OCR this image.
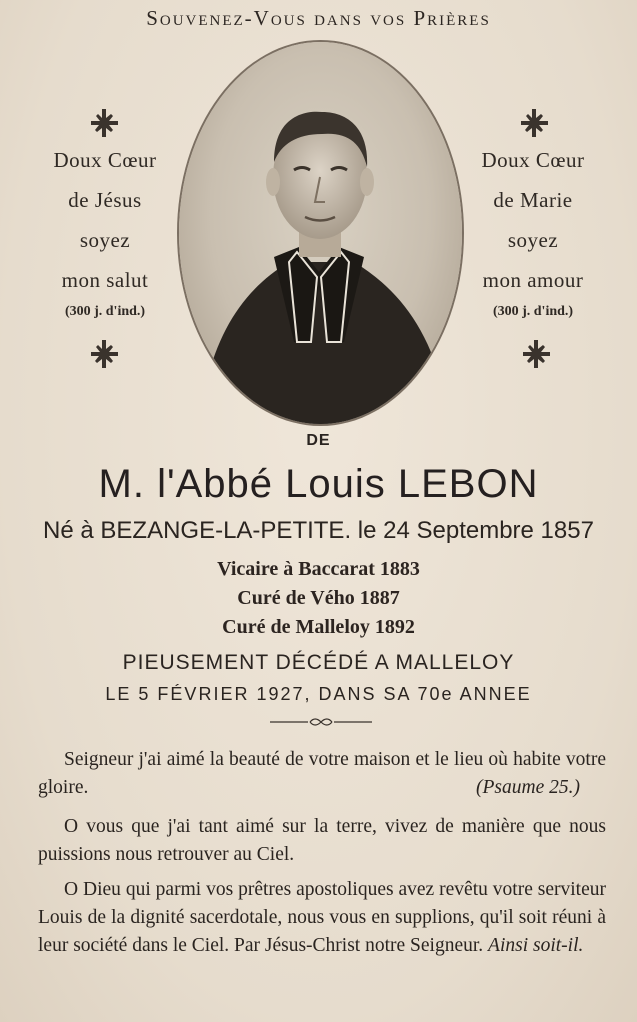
Souvenez-Vous dans vos Prières
Doux Cœur
de Jésus
soyez
mon salut
(300 j. d'ind.)
Doux Cœur
de Marie
soyez
mon amour
(300 j. d'ind.)
DE
M. l'Abbé Louis LEBON
Né à BEZANGE-LA-PETITE. le 24 Septembre 1857
Vicaire à Baccarat 1883
Curé de Vého 1887
Curé de Malleloy 1892
PIEUSEMENT DÉCÉDÉ A MALLELOY
LE 5 FÉVRIER 1927, DANS SA 70e ANNEE
Seigneur j'ai aimé la beauté de votre maison et le lieu où habite votre gloire.	(Psaume 25.)
O vous que j'ai tant aimé sur la terre, vivez de manière que nous puissions nous retrouver au Ciel.
O Dieu qui parmi vos prêtres apostoliques avez revêtu votre serviteur Louis de la dignité sacerdotale, nous vous en supplions, qu'il soit réuni à leur société dans le Ciel. Par Jésus-Christ notre Seigneur. Ainsi soit-il.
